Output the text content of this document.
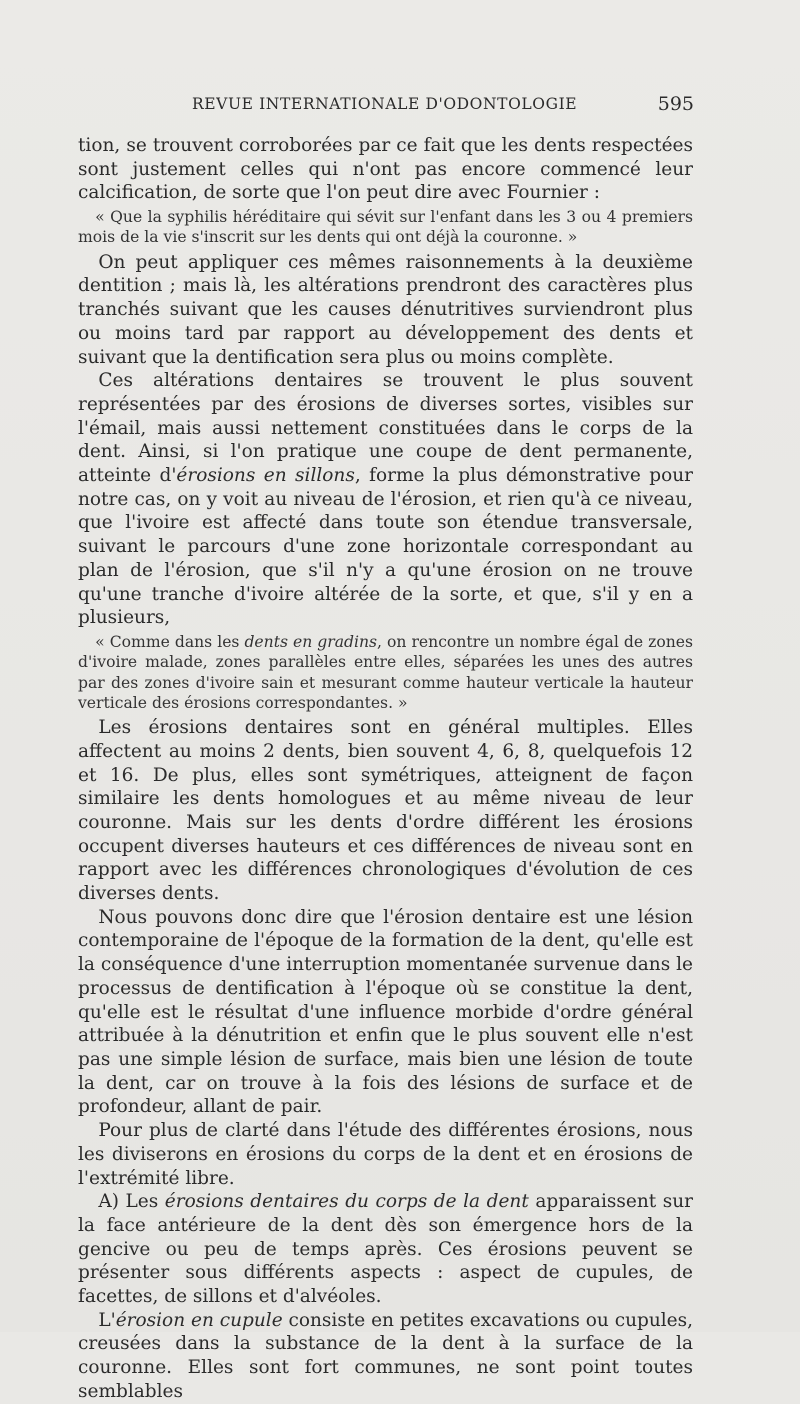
REVUE INTERNATIONALE D'ODONTOLOGIE	595

tion, se trouvent corroborées par ce fait que les dents respectées sont justement celles qui n'ont pas encore commencé leur calcification, de sorte que l'on peut dire avec Fournier :

« Que la syphilis héréditaire qui sévit sur l'enfant dans les 3 ou 4 premiers mois de la vie s'inscrit sur les dents qui ont déjà la couronne. »

On peut appliquer ces mêmes raisonnements à la deuxième dentition ; mais là, les altérations prendront des caractères plus tranchés suivant que les causes dénutritives surviendront plus ou moins tard par rapport au développement des dents et suivant que la dentification sera plus ou moins complète.

Ces altérations dentaires se trouvent le plus souvent représentées par des érosions de diverses sortes, visibles sur l'émail, mais aussi nettement constituées dans le corps de la dent. Ainsi, si l'on pratique une coupe de dent permanente, atteinte d'érosions en sillons, forme la plus démonstrative pour notre cas, on y voit au niveau de l'érosion, et rien qu'à ce niveau, que l'ivoire est affecté dans toute son étendue transversale, suivant le parcours d'une zone horizontale correspondant au plan de l'érosion, que s'il n'y a qu'une érosion on ne trouve qu'une tranche d'ivoire altérée de la sorte, et que, s'il y en a plusieurs,

« Comme dans les dents en gradins, on rencontre un nombre égal de zones d'ivoire malade, zones parallèles entre elles, séparées les unes des autres par des zones d'ivoire sain et mesurant comme hauteur verticale la hauteur verticale des érosions correspondantes. »

Les érosions dentaires sont en général multiples. Elles affectent au moins 2 dents, bien souvent 4, 6, 8, quelquefois 12 et 16. De plus, elles sont symétriques, atteignent de façon similaire les dents homologues et au même niveau de leur couronne. Mais sur les dents d'ordre différent les érosions occupent diverses hauteurs et ces différences de niveau sont en rapport avec les différences chronologiques d'évolution de ces diverses dents.

Nous pouvons donc dire que l'érosion dentaire est une lésion contemporaine de l'époque de la formation de la dent, qu'elle est la conséquence d'une interruption momentanée survenue dans le processus de dentification à l'époque où se constitue la dent, qu'elle est le résultat d'une influence morbide d'ordre général attribuée à la dénutrition et enfin que le plus souvent elle n'est pas une simple lésion de surface, mais bien une lésion de toute la dent, car on trouve à la fois des lésions de surface et de profondeur, allant de pair.

Pour plus de clarté dans l'étude des différentes érosions, nous les diviserons en érosions du corps de la dent et en érosions de l'extrémité libre.

A) Les érosions dentaires du corps de la dent apparaissent sur la face antérieure de la dent dès son émergence hors de la gencive ou peu de temps après. Ces érosions peuvent se présenter sous différents aspects : aspect de cupules, de facettes, de sillons et d'alvéoles.

L'érosion en cupule consiste en petites excavations ou cupules, creusées dans la substance de la dent à la surface de la couronne. Elles sont fort communes, ne sont point toutes semblables
